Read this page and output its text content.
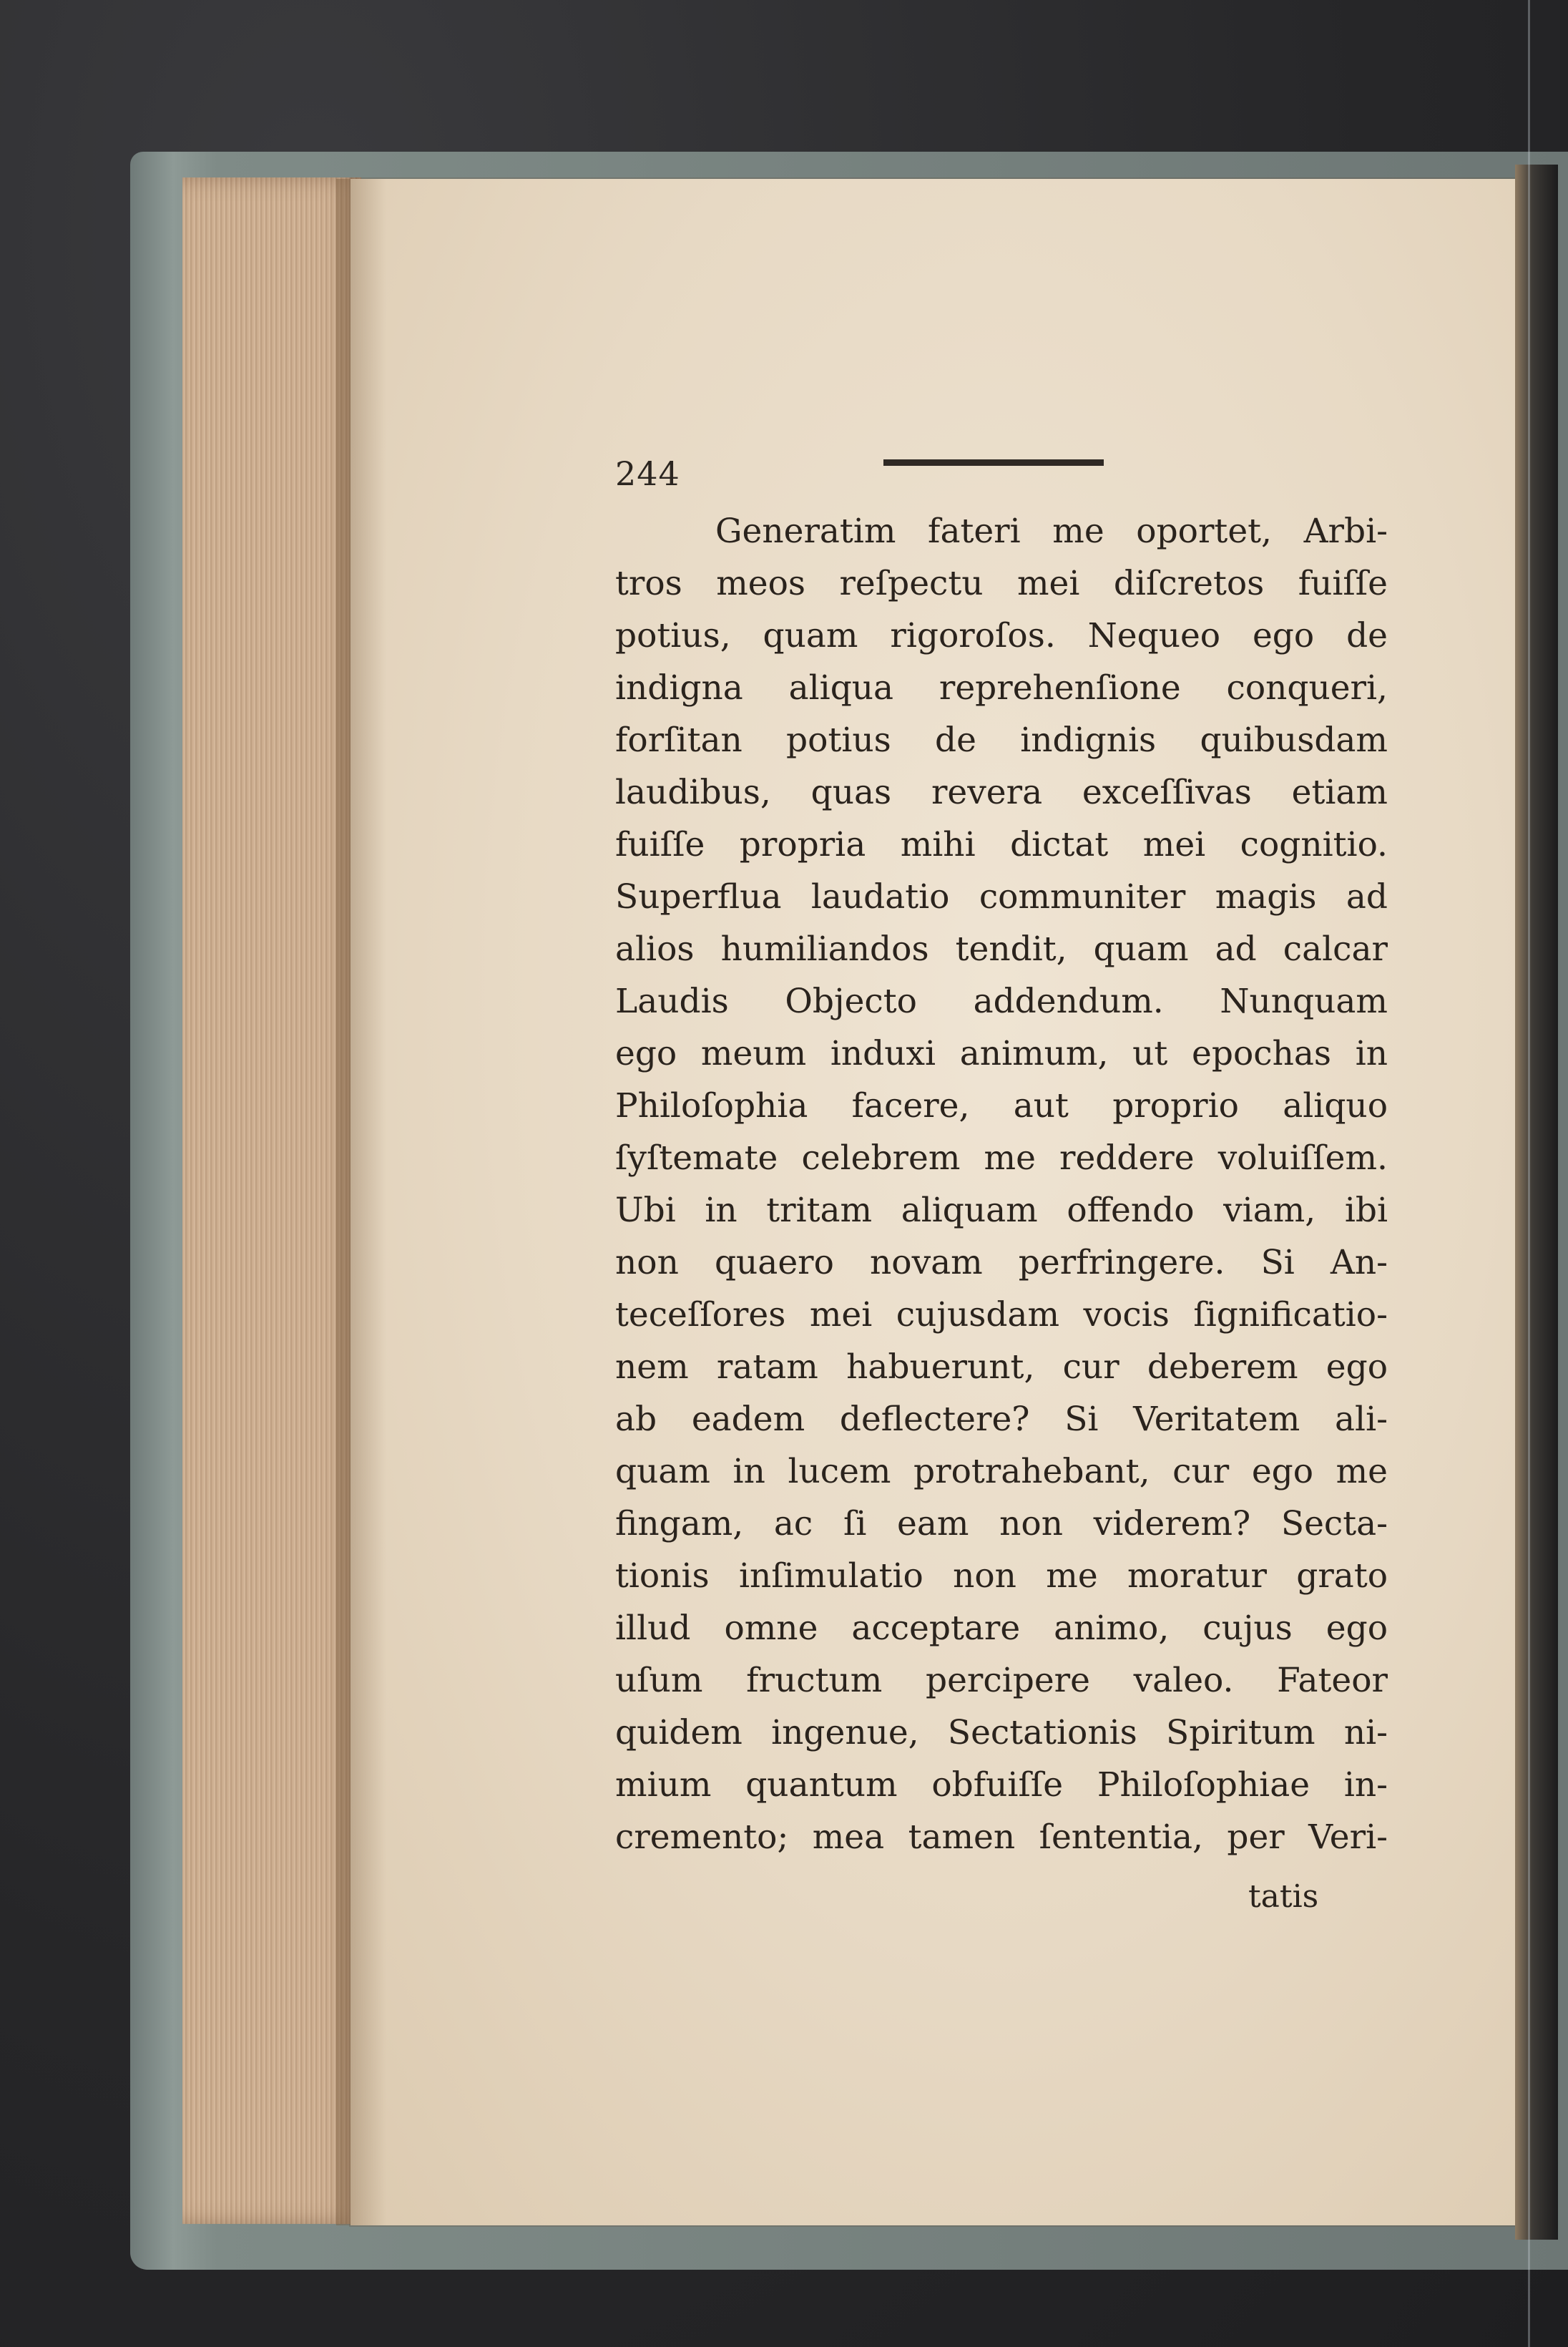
244
Generatim fateri me oportet, Arbi-
tros meos reſpectu mei diſcretos fuiſſe
potius, quam rigoroſos. Nequeo ego de
indigna aliqua reprehenſione conqueri,
forſitan potius de indignis quibusdam
laudibus, quas revera exceſſivas etiam
fuiſſe propria mihi dictat mei cognitio.
Superflua laudatio communiter magis ad
alios humiliandos tendit, quam ad calcar
Laudis Objecto addendum. Nunquam
ego meum induxi animum, ut epochas in
Philoſophia facere, aut proprio aliquo
ſyſtemate celebrem me reddere voluiſſem.
Ubi in tritam aliquam offendo viam, ibi
non quaero novam perfringere. Si An-
teceſſores mei cujusdam vocis ſignificatio-
nem ratam habuerunt, cur deberem ego
ab eadem deflectere? Si Veritatem ali-
quam in lucem protrahebant, cur ego me
fingam, ac ſi eam non viderem? Secta-
tionis inſimulatio non me moratur grato
illud omne acceptare animo, cujus ego
uſum fructum percipere valeo. Fateor
quidem ingenue, Sectationis Spiritum ni-
mium quantum obfuiſſe Philoſophiae in-
cremento; mea tamen ſententia, per Veri-
tatis
